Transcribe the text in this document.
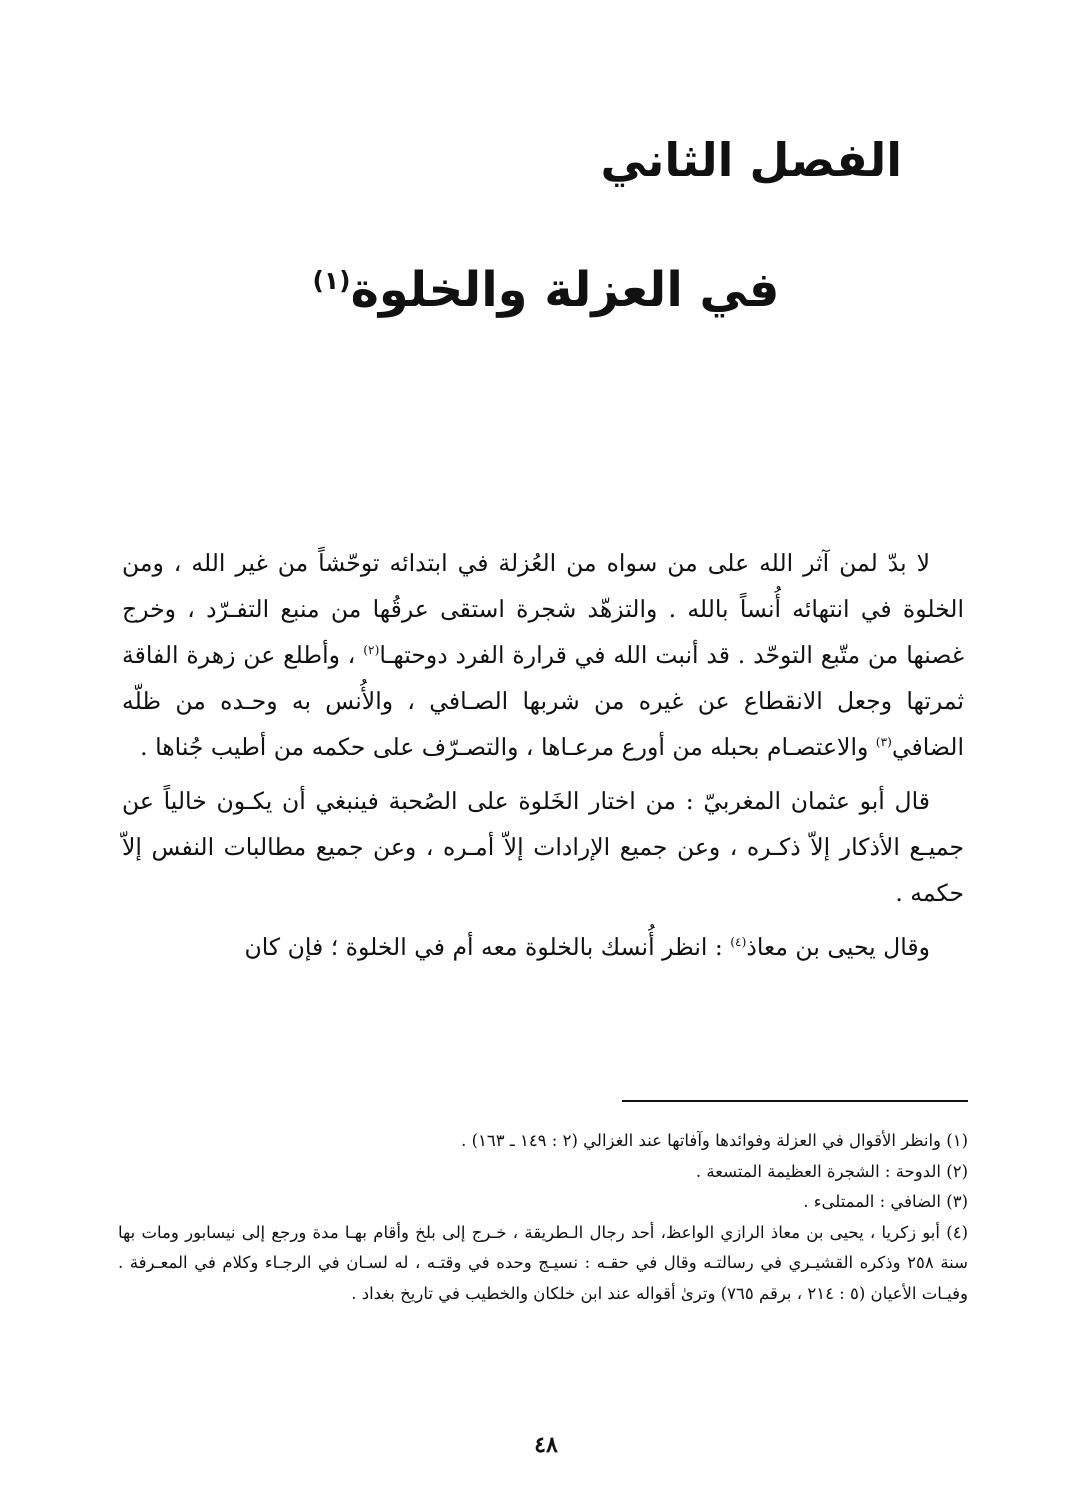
الفصل الثاني
في العزلة والخلوة$^{(١)}$

لا بدّ لمن آثر الله على من سواه من العُزلة في ابتدائه توحّشاً من غير الله ، ومن الخلوة في انتهائه أُنساً بالله . والتزهّد شجرة استقى عرقُها من منبع التفـرّد ، وخرج غصنها من متّبع التوحّد . قد أنبت الله في قرارة الفرد دوحتهـا$^{(٢)}$ ، وأطلع عن زهرة الفاقة ثمرتها وجعل الانقطاع عن غيره من شربها الصـافي ، والأُنس به وحـده من ظلّه الضافي$^{(٣)}$ والاعتصـام بحبله من أورع مرعـاها ، والتصـرّف على حكمه من أطيب جُناها .

قال أبو عثمان المغربيّ : من اختار الخَلوة على الصُحبة فينبغي أن يكـون خالياً عن جميـع الأذكار إلاّ ذكـره ، وعن جميع الإرادات إلاّ أمـره ، وعن جميع مطالبات النفس إلاّ حكمه .

وقال يحيى بن معاذ$^{(٤)}$ : انظر أُنسك بالخلوة معه أم في الخلوة ؛ فإن كان

(١) وانظر الأقوال في العزلة وفوائدها وآفاتها عند الغزالي (٢ : ١٤٩ ـ ١٦٣) .
(٢) الدوحة : الشجرة العظيمة المتسعة .
(٣) الضافي : الممتلىء .
(٤) أبو زكريا ، يحيى بن معاذ الرازي الواعظ، أحد رجال الـطريقة ، خـرج إلى بلخ وأقام بهـا مدة ورجع إلى نيسابور ومات بها سنة ٢٥٨ وذكره القشيـري في رسالتـه وقال في حقـه : نسيـج وحده في وقتـه ، له لسـان في الرجـاء وكلام في المعـرفة . وفيـات الأعيان (٥ : ٢١٤ ، برقم ٧٦٥) وترىٰ أقواله عند ابن خلكان والخطيب في تاريخ بغداد .
٤٨
